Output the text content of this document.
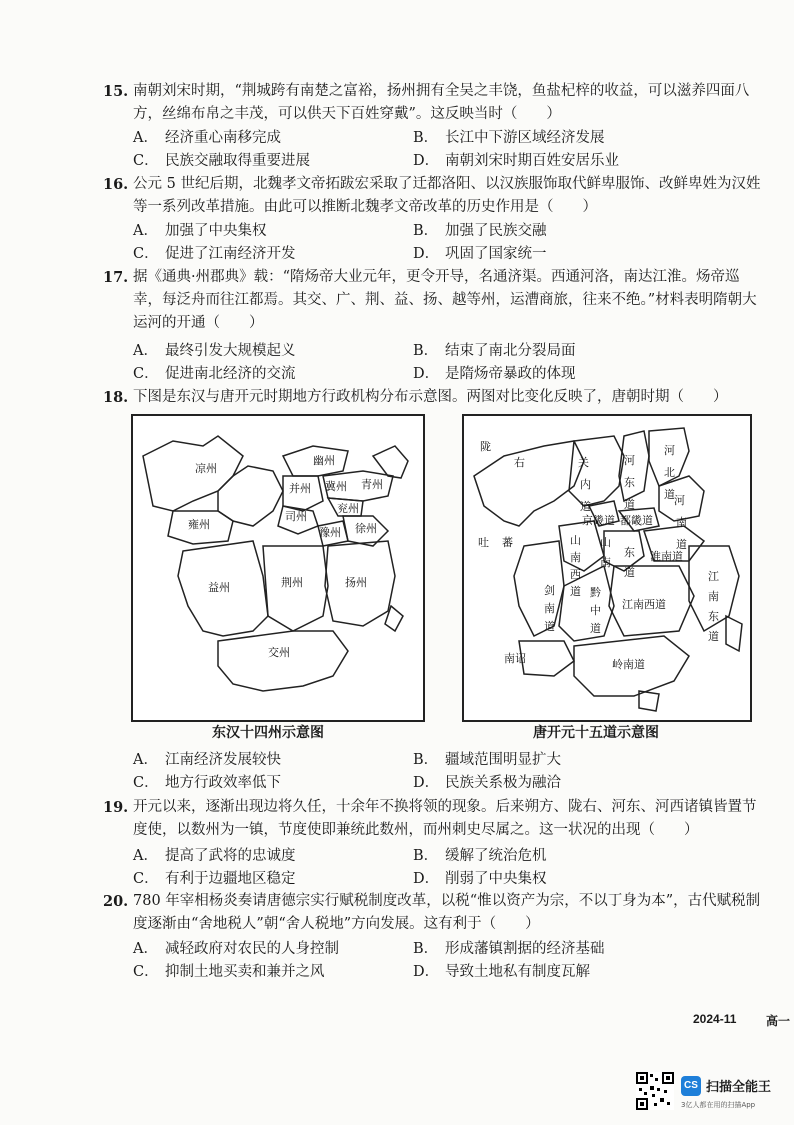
15. 南朝刘宋时期，“荆城跨有南楚之富裕，扬州拥有全吴之丰饶，鱼盐杞梓的收益，可以滋养四面八方，丝绵布帛之丰茂，可以供天下百姓穿戴”。这反映当时（　　）
A． 经济重心南移完成	B． 长江中下游区域经济发展
C． 民族交融取得重要进展	D． 南朝刘宋时期百姓安居乐业
16. 公元 5 世纪后期，北魏孝文帝拓跋宏采取了迁都洛阳、以汉族服饰取代鲜卑服饰、改鲜卑姓为汉姓等一系列改革措施。由此可以推断北魏孝文帝改革的历史作用是（　　）
A． 加强了中央集权	B． 加强了民族交融
C． 促进了江南经济开发	D． 巩固了国家统一
17. 据《通典·州郡典》载：“隋炀帝大业元年，更令开导，名通济渠。西通河洛，南达江淮。炀帝巡幸，每泛舟而往江都焉。其交、广、荆、益、扬、越等州，运漕商旅，往来不绝。”材料表明隋朝大运河的开通（　　）
A． 最终引发大规模起义	B． 结束了南北分裂局面
C． 促进南北经济的交流	D． 是隋炀帝暴政的体现
18. 下图是东汉与唐开元时期地方行政机构分布示意图。两图对比变化反映了，唐朝时期（　　）
凉州
幽州
并州 冀州 青州
司州
兖州
雍州
豫州 徐州
益州	荆州	扬州
交州
陇
右	关
内
道
河
东
道
河
北
道 河
南
道
京畿道 都畿道
吐 蕃	山
南
西
道
山
南
东
道
淮南道
剑
南
道
黔
中
道
江南西道
江
南
东
道
南诏	岭南道
东汉十四州示意图	唐开元十五道示意图
A． 江南经济发展较快	B． 疆域范围明显扩大
C． 地方行政效率低下	D． 民族关系极为融洽
19. 开元以来，逐渐出现边将久任，十余年不换将领的现象。后来朔方、陇右、河东、河西诸镇皆置节度使，以数州为一镇，节度使即兼统此数州，而州刺史尽属之。这一状况的出现（　　）
A． 提高了武将的忠诚度	B． 缓解了统治危机
C． 有利于边疆地区稳定	D． 削弱了中央集权
20. 780 年宰相杨炎奏请唐德宗实行赋税制度改革，以税“惟以资产为宗，不以丁身为本”，古代赋税制度逐渐由“舍地税人”朝“舍人税地”方向发展。这有利于（　　）
A． 减轻政府对农民的人身控制	B． 形成藩镇割据的经济基础
C． 抑制土地买卖和兼并之风	D． 导致土地私有制度瓦解
2024-11 高一
CS 扫描全能王
3亿人都在用的扫描App
